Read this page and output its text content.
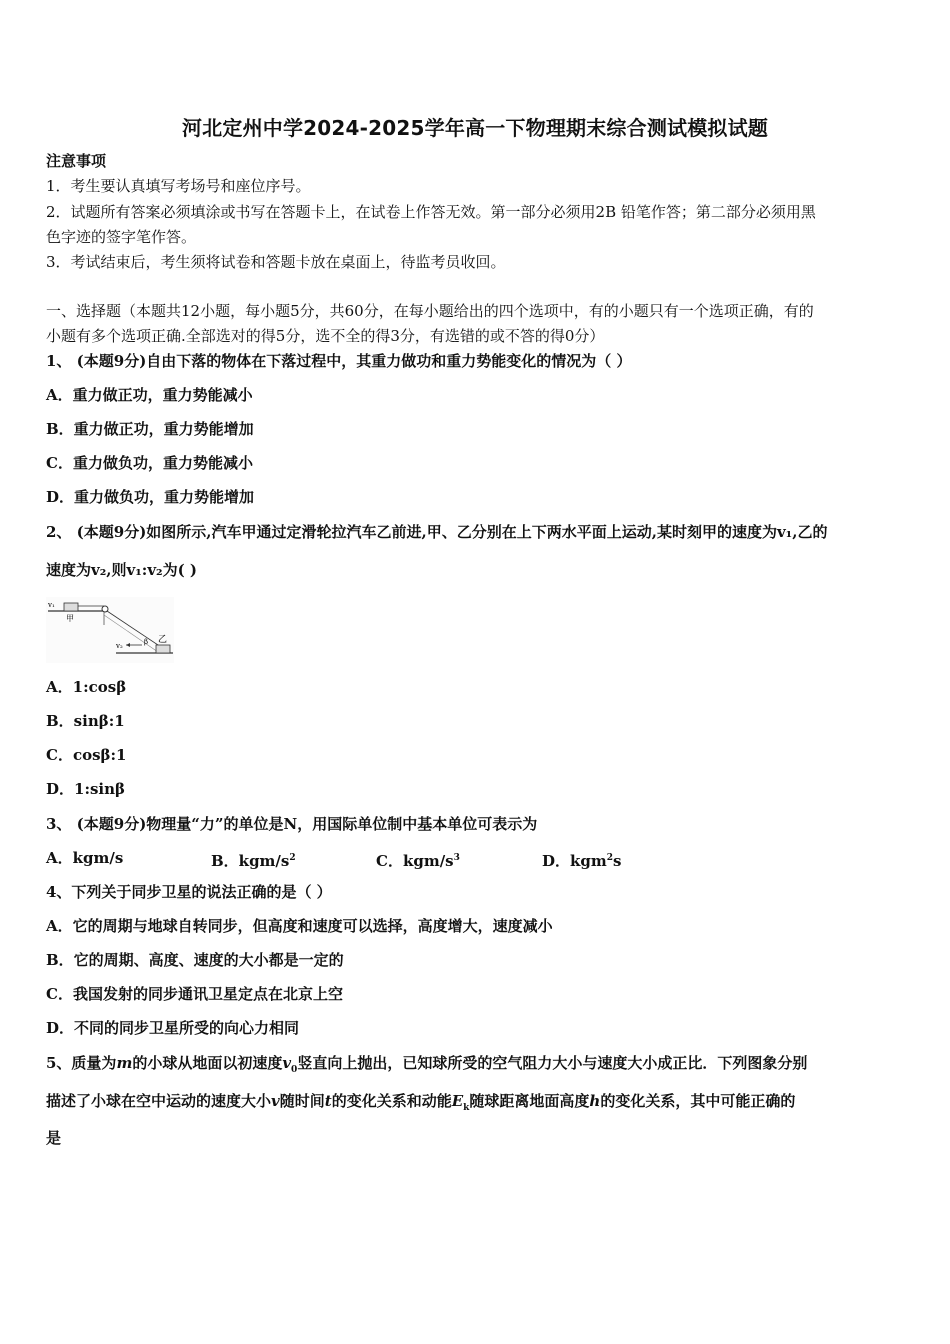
河北定州中学2024-2025学年高一下物理期末综合测试模拟试题
注意事项
1．考生要认真填写考场号和座位序号。
2．试题所有答案必须填涂或书写在答题卡上，在试卷上作答无效。第一部分必须用2B 铅笔作答；第二部分必须用黑
色字迹的签字笔作答。
3．考试结束后，考生须将试卷和答题卡放在桌面上，待监考员收回。
一、选择题（本题共12小题，每小题5分，共60分，在每小题给出的四个选项中，有的小题只有一个选项正确，有的
小题有多个选项正确.全部选对的得5分，选不全的得3分，有选错的或不答的得0分）
1、 (本题9分)自由下落的物体在下落过程中，其重力做功和重力势能变化的情况为（ ）
A．重力做正功，重力势能减小
B．重力做正功，重力势能增加
C．重力做负功，重力势能减小
D．重力做负功，重力势能增加
2、 (本题9分)如图所示,汽车甲通过定滑轮拉汽车乙前进,甲、乙分别在上下两水平面上运动,某时刻甲的速度为v₁,乙的
速度为v₂,则v₁:v₂为( )
v₁
甲
v₂	β 乙
A．1:cosβ
B．sinβ:1
C．cosβ:1
D．1:sinβ
3、 (本题9分)物理量“力”的单位是N，用国际单位制中基本单位可表示为
A．kgm/s	B．kgm/$s^2$	C．kgm/$s^3$	D．kgm$^2$s
4、下列关于同步卫星的说法正确的是（ ）
A．它的周期与地球自转同步，但高度和速度可以选择，高度增大，速度减小
B．它的周期、高度、速度的大小都是一定的
C．我国发射的同步通讯卫星定点在北京上空
D．不同的同步卫星所受的向心力相同
5、质量为m的小球从地面以初速度$v_0$竖直向上抛出，已知球所受的空气阻力大小与速度大小成正比．下列图象分别
描述了小球在空中运动的速度大小v随时间t的变化关系和动能$E_k$随球距离地面高度h的变化关系，其中可能正确的
是
